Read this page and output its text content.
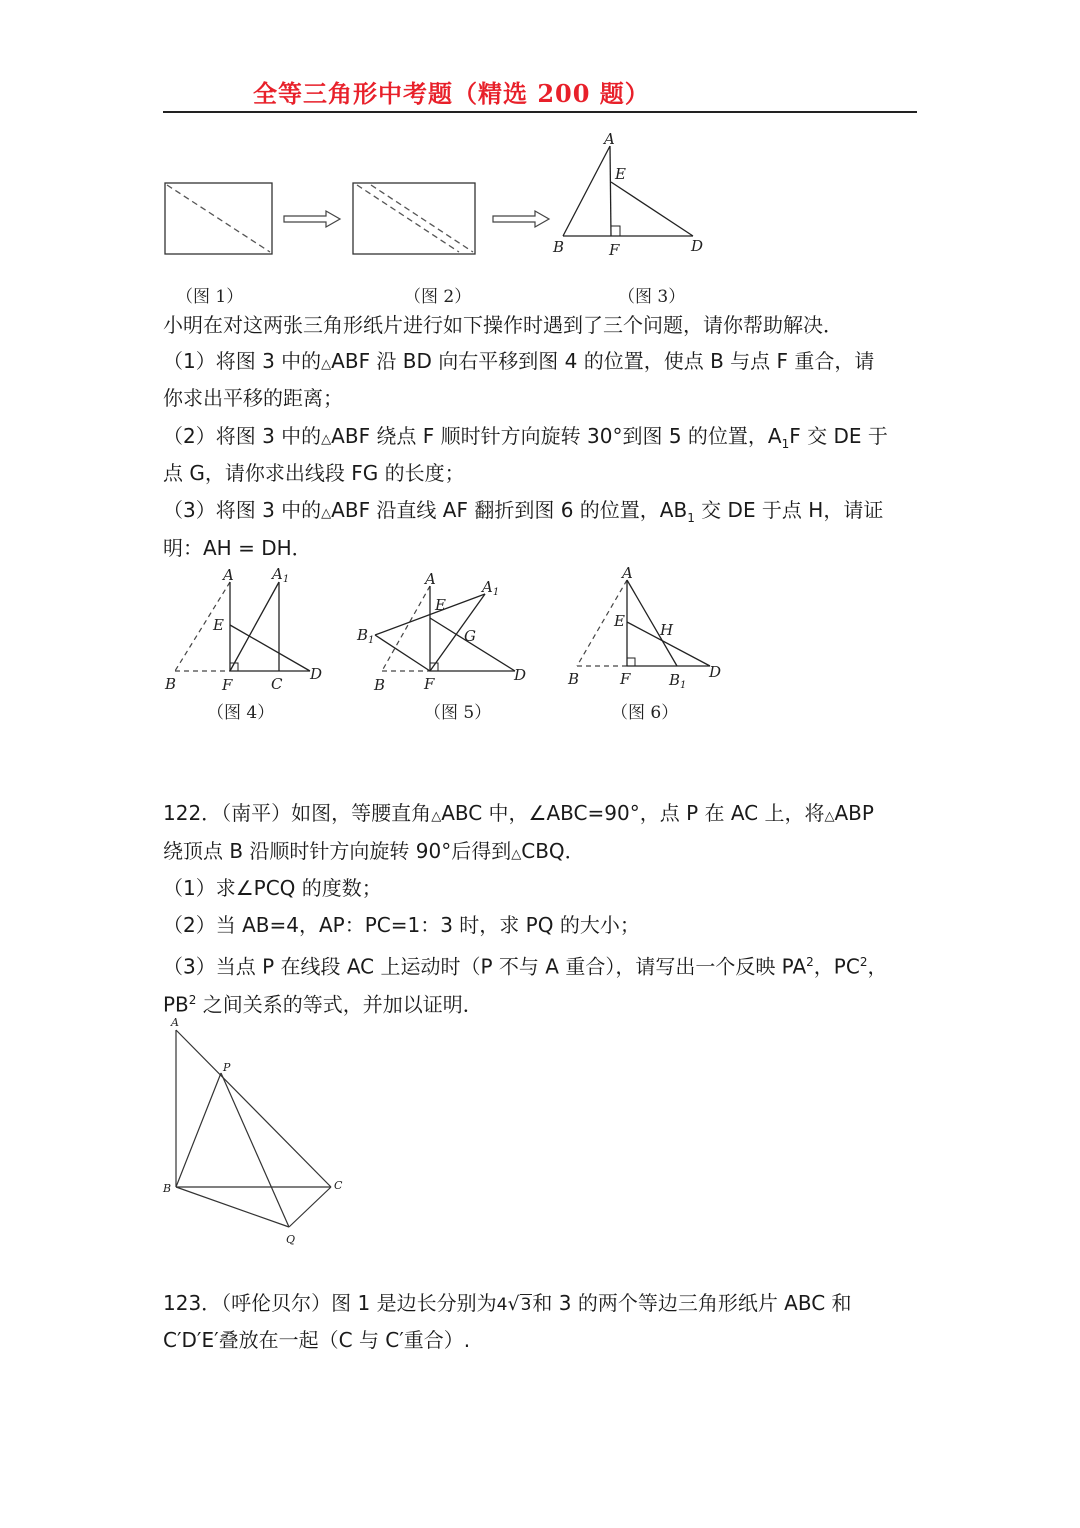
全等三角形中考题（精选 200 题）
A
E
B	F	D
（图 1）	（图 2）	（图 3）
小明在对这两张三角形纸片进行如下操作时遇到了三个问题，请你帮助解决．
（1）将图 3 中的△ABF 沿 BD 向右平移到图 4 的位置，使点 B 与点 F 重合，请
你求出平移的距离；
（2）将图 3 中的△ABF 绕点 F 顺时针方向旋转 30°到图 5 的位置，$A_1F$ 交 DE 于
点 G，请你求出线段 FG 的长度；
（3）将图 3 中的△ABF 沿直线 AF 翻折到图 6 的位置，$AB_1$ 交 DE 于点 H，请证
明：AH = DH．
A	$A_1$
E
B	F	C
D
A	$A_1$
E
$B_1$	G
B	F	D
A
E H
B	F	$B_1$
D
（图 4）	（图 5）	（图 6）
122．（南平）如图，等腰直角△ABC 中，∠ABC=90°，点 P 在 AC 上，将△ABP
绕顶点 B 沿顺时针方向旋转 90°后得到△CBQ．
（1）求∠PCQ 的度数；
（2）当 AB=4，AP：PC=1：3 时，求 PQ 的大小；
（3）当点 P 在线段 AC 上运动时（P 不与 A 重合），请写出一个反映 $PA^2$，$PC^2$，
$PB^2$ 之间关系的等式，并加以证明．
A
P
B	C
Q
123．（呼伦贝尔）图 1 是边长分别为4√3和 3 的两个等边三角形纸片 ABC 和
C′D′E′叠放在一起（C 与 C′重合）.
